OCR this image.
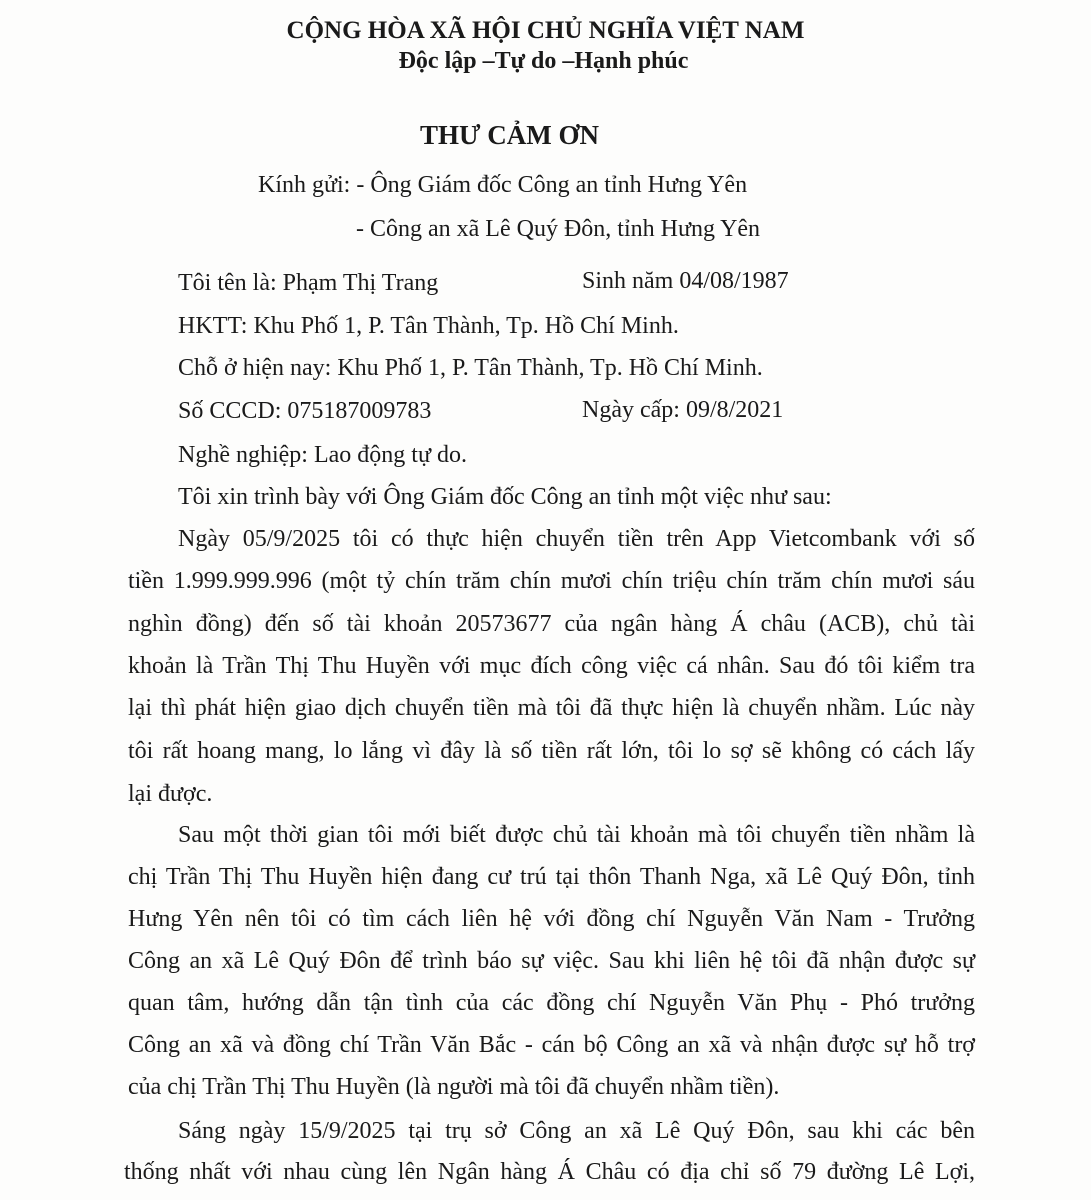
CỘNG HÒA XÃ HỘI CHỦ NGHĨA VIỆT NAM
Độc lập –Tự do –Hạnh phúc
THƯ CẢM ƠN
Kính gửi: - Ông Giám đốc Công an tỉnh Hưng Yên
- Công an xã Lê Quý Đôn, tỉnh Hưng Yên
Tôi tên là: Phạm Thị Trang	Sinh năm 04/08/1987
HKTT: Khu Phố 1, P. Tân Thành, Tp. Hồ Chí Minh.
Chỗ ở hiện nay: Khu Phố 1, P. Tân Thành, Tp. Hồ Chí Minh.
Số CCCD: 075187009783	Ngày cấp: 09/8/2021
Nghề nghiệp: Lao động tự do.
Tôi xin trình bày với Ông Giám đốc Công an tỉnh một việc như sau:
Ngày 05/9/2025 tôi có thực hiện chuyển tiền trên App Vietcombank với số
tiền 1.999.999.996 (một tỷ chín trăm chín mươi chín triệu chín trăm chín mươi sáu
nghìn đồng) đến số tài khoản 20573677 của ngân hàng Á châu (ACB), chủ tài
khoản là Trần Thị Thu Huyền với mục đích công việc cá nhân. Sau đó tôi kiểm tra
lại thì phát hiện giao dịch chuyển tiền mà tôi đã thực hiện là chuyển nhầm. Lúc này
tôi rất hoang mang, lo lắng vì đây là số tiền rất lớn, tôi lo sợ sẽ không có cách lấy
lại được.
Sau một thời gian tôi mới biết được chủ tài khoản mà tôi chuyển tiền nhầm là
chị Trần Thị Thu Huyền hiện đang cư trú tại thôn Thanh Nga, xã Lê Quý Đôn, tỉnh
Hưng Yên nên tôi có tìm cách liên hệ với đồng chí Nguyễn Văn Nam - Trưởng
Công an xã Lê Quý Đôn để trình báo sự việc. Sau khi liên hệ tôi đã nhận được sự
quan tâm, hướng dẫn tận tình của các đồng chí Nguyễn Văn Phụ - Phó trưởng
Công an xã và đồng chí Trần Văn Bắc - cán bộ Công an xã và nhận được sự hỗ trợ
của chị Trần Thị Thu Huyền (là người mà tôi đã chuyển nhầm tiền).
Sáng ngày 15/9/2025 tại trụ sở Công an xã Lê Quý Đôn, sau khi các bên
thống nhất với nhau cùng lên Ngân hàng Á Châu có địa chỉ số 79 đường Lê Lợi,
